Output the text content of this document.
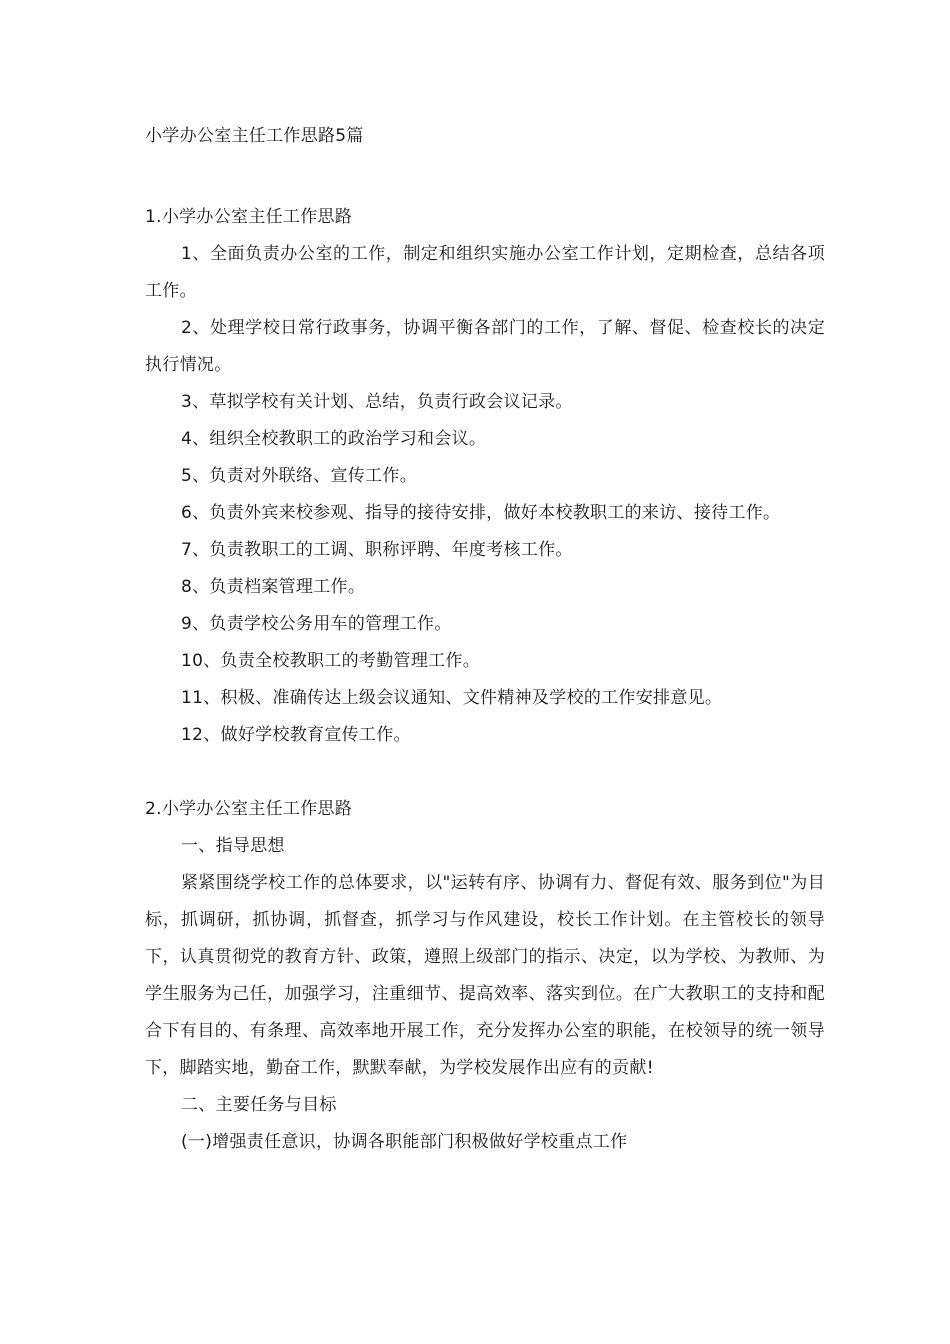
小学办公室主任工作思路5篇
1.小学办公室主任工作思路

1、全面负责办公室的工作，制定和组织实施办公室工作计划，定期检查，总结各项工作。

2、处理学校日常行政事务，协调平衡各部门的工作，了解、督促、检查校长的决定执行情况。

3、草拟学校有关计划、总结，负责行政会议记录。

4、组织全校教职工的政治学习和会议。

5、负责对外联络、宣传工作。

6、负责外宾来校参观、指导的接待安排，做好本校教职工的来访、接待工作。

7、负责教职工的工调、职称评聘、年度考核工作。

8、负责档案管理工作。

9、负责学校公务用车的管理工作。

10、负责全校教职工的考勤管理工作。

11、积极、准确传达上级会议通知、文件精神及学校的工作安排意见。

12、做好学校教育宣传工作。

2.小学办公室主任工作思路

一、指导思想

紧紧围绕学校工作的总体要求，以"运转有序、协调有力、督促有效、服务到位"为目标，抓调研，抓协调，抓督查，抓学习与作风建设，校长工作计划。在主管校长的领导下，认真贯彻党的教育方针、政策，遵照上级部门的指示、决定，以为学校、为教师、为学生服务为己任，加强学习，注重细节、提高效率、落实到位。在广大教职工的支持和配合下有目的、有条理、高效率地开展工作，充分发挥办公室的职能，在校领导的统一领导下，脚踏实地，勤奋工作，默默奉献，为学校发展作出应有的贡献!

二、主要任务与目标

(一)增强责任意识，协调各职能部门积极做好学校重点工作
